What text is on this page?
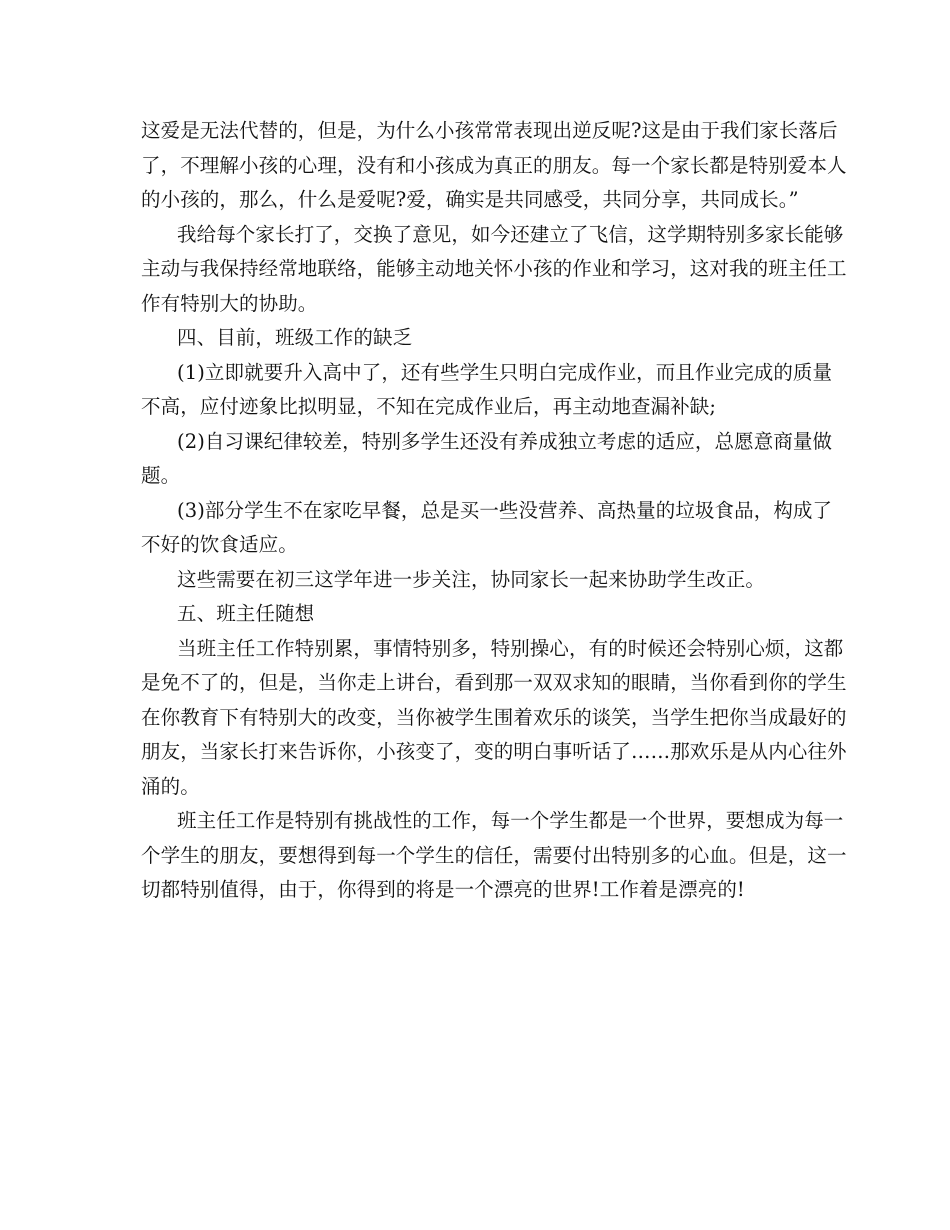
这爱是无法代替的，但是，为什么小孩常常表现出逆反呢?这是由于我们家长落后
了，不理解小孩的心理，没有和小孩成为真正的朋友。每一个家长都是特别爱本人
的小孩的，那么，什么是爱呢?爱，确实是共同感受，共同分享，共同成长。”
我给每个家长打了，交换了意见，如今还建立了飞信，这学期特别多家长能够
主动与我保持经常地联络，能够主动地关怀小孩的作业和学习，这对我的班主任工
作有特别大的协助。
四、目前，班级工作的缺乏
(1)立即就要升入高中了，还有些学生只明白完成作业，而且作业完成的质量
不高，应付迹象比拟明显，不知在完成作业后，再主动地查漏补缺;
(2)自习课纪律较差，特别多学生还没有养成独立考虑的适应，总愿意商量做
题。
(3)部分学生不在家吃早餐，总是买一些没营养、高热量的垃圾食品，构成了
不好的饮食适应。
这些需要在初三这学年进一步关注，协同家长一起来协助学生改正。
五、班主任随想
当班主任工作特别累，事情特别多，特别操心，有的时候还会特别心烦，这都
是免不了的，但是，当你走上讲台，看到那一双双求知的眼睛，当你看到你的学生
在你教育下有特别大的改变，当你被学生围着欢乐的谈笑，当学生把你当成最好的
朋友，当家长打来告诉你，小孩变了，变的明白事听话了……那欢乐是从内心往外
涌的。
班主任工作是特别有挑战性的工作，每一个学生都是一个世界，要想成为每一
个学生的朋友，要想得到每一个学生的信任，需要付出特别多的心血。但是，这一
切都特别值得，由于，你得到的将是一个漂亮的世界!工作着是漂亮的!
